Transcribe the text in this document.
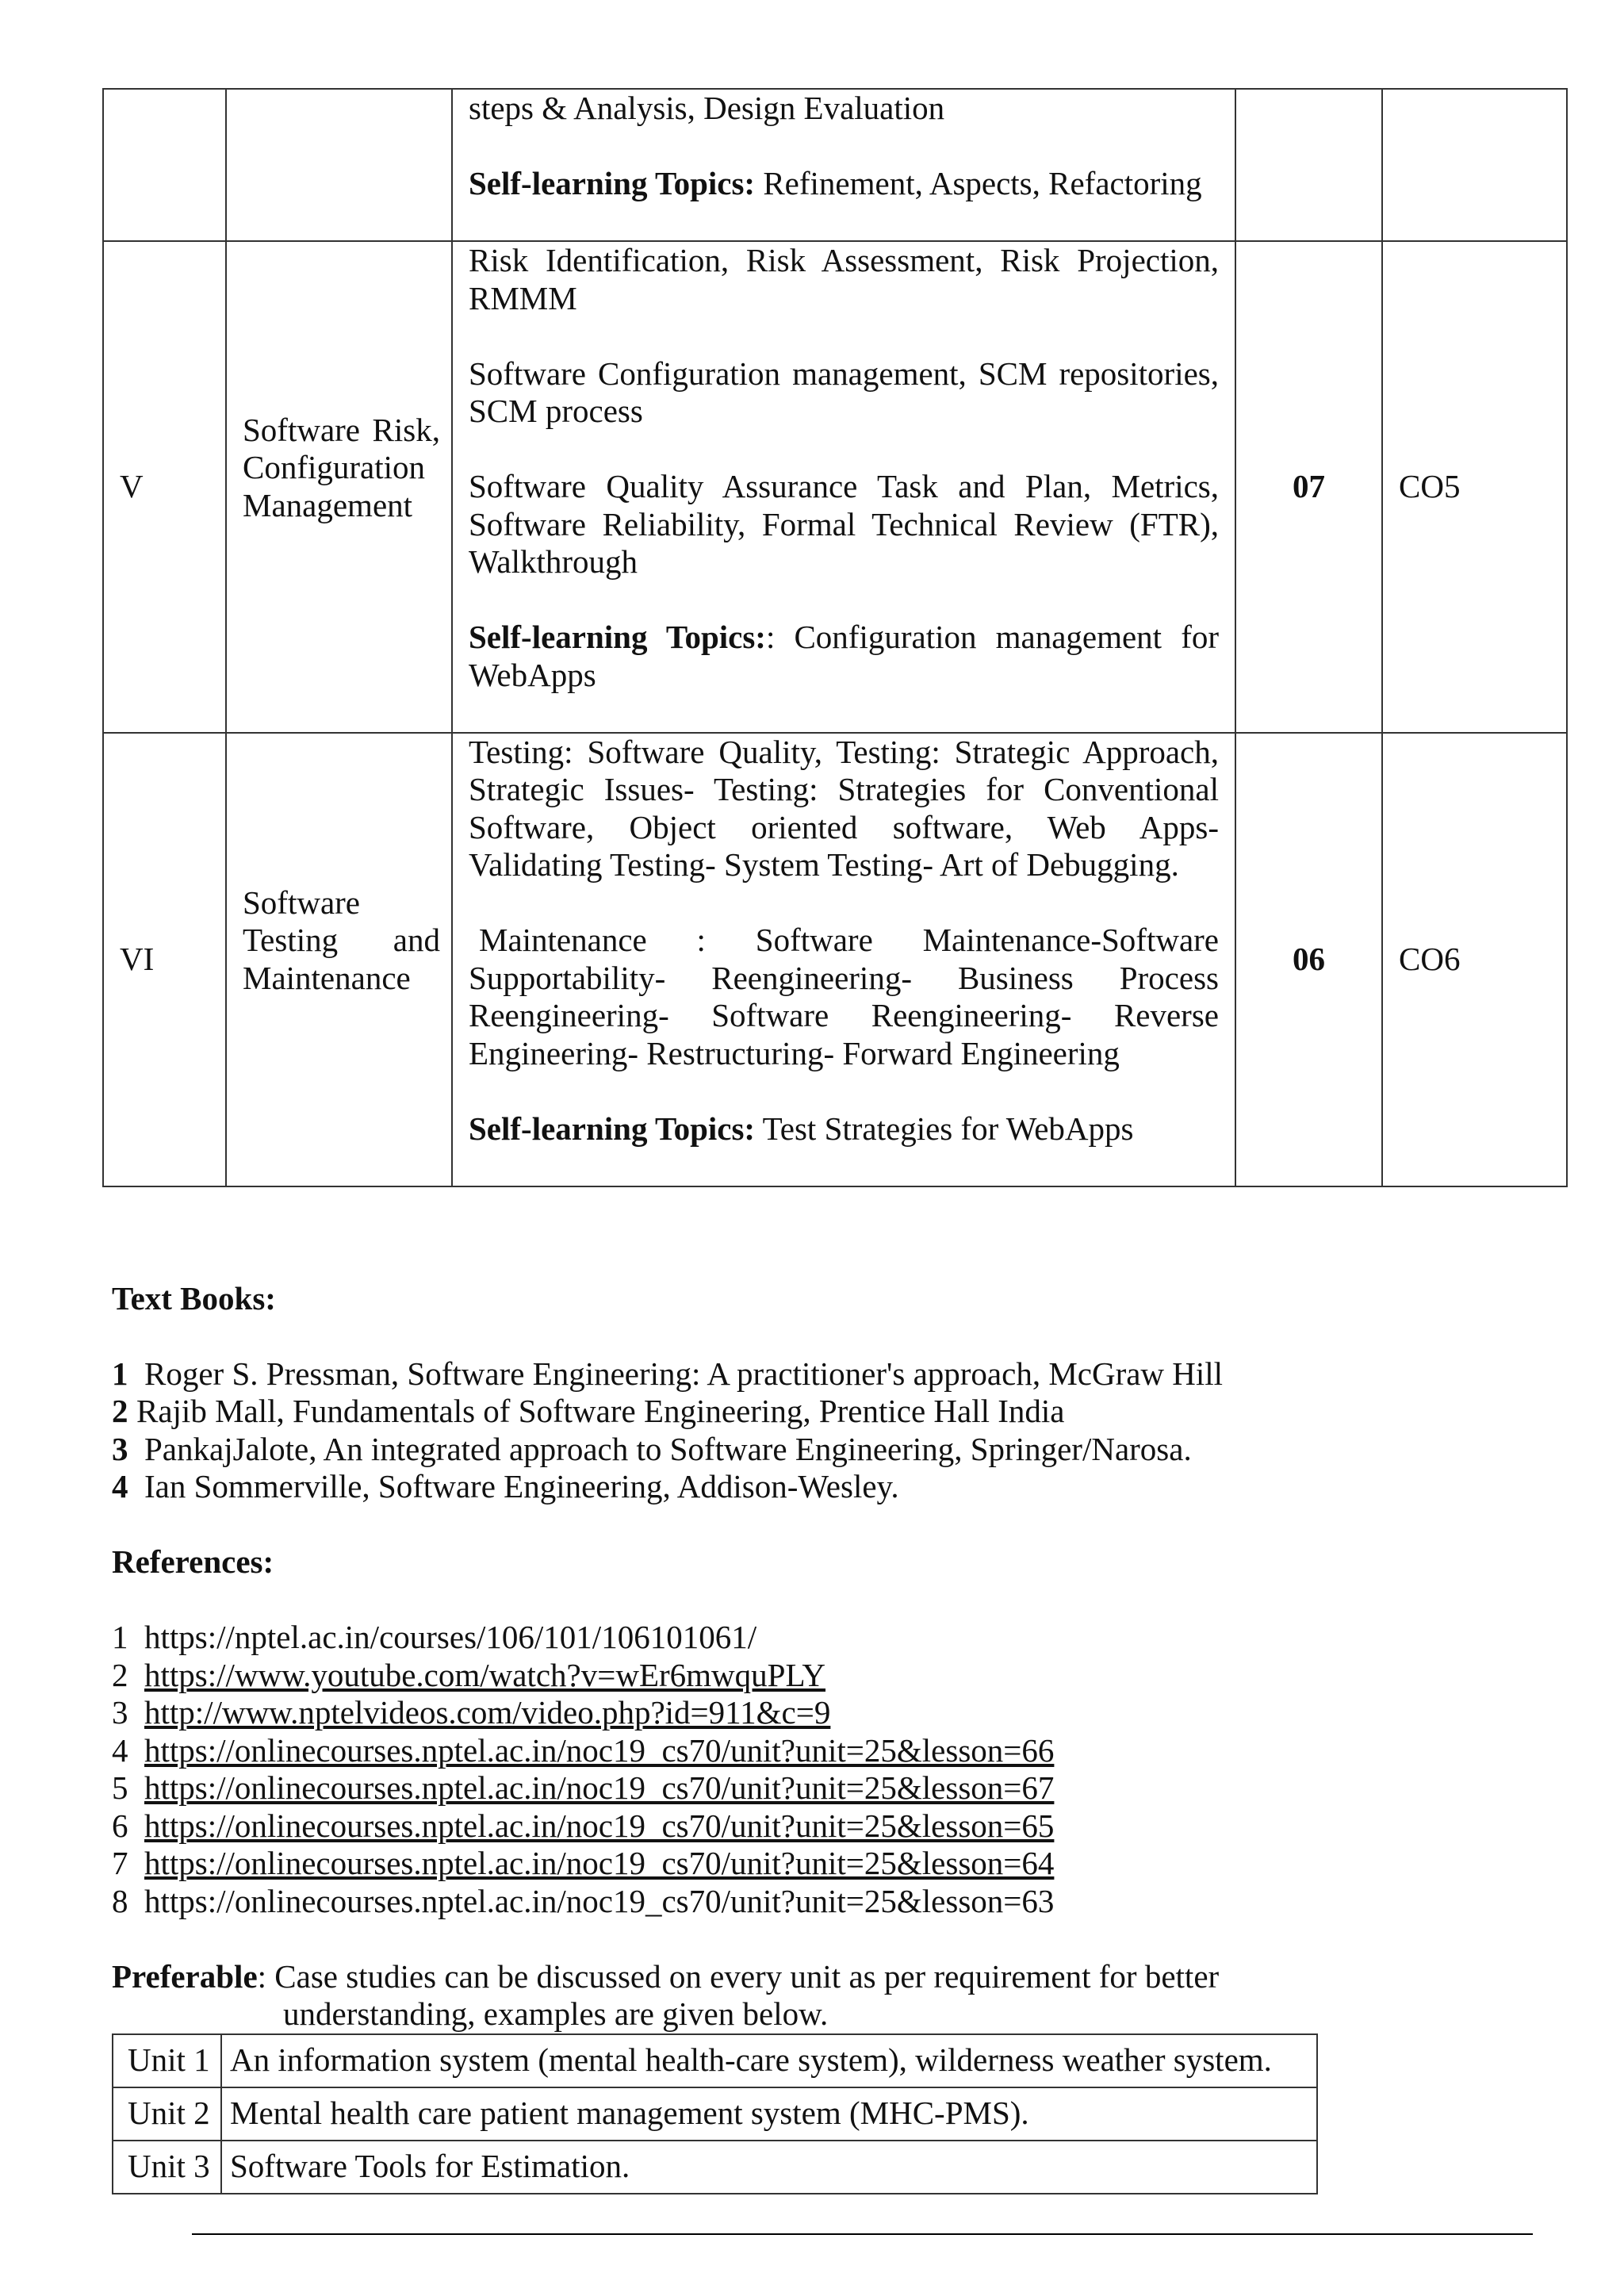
		steps & Analysis, Design Evaluation

Self-learning Topics: Refinement, Aspects, Refactoring		

V	Software Risk, Configuration Management	Risk Identification, Risk Assessment, Risk Projection, RMMM

Software Configuration management, SCM repositories, SCM process

Software Quality Assurance Task and Plan, Metrics, Software Reliability, Formal Technical Review (FTR), Walkthrough

Self-learning Topics:: Configuration management for WebApps	07	CO5
VI	Software Testing and Maintenance	Testing: Software Quality, Testing: Strategic Approach, Strategic Issues- Testing: Strategies for Conventional Software, Object oriented software, Web Apps- Validating Testing- System Testing- Art of Debugging.

Maintenance : Software Maintenance-Software Supportability- Reengineering- Business Process Reengineering- Software Reengineering- Reverse Engineering- Restructuring- Forward Engineering

Self-learning Topics: Test Strategies for WebApps	06	CO6
Text Books:
1 Roger S. Pressman, Software Engineering: A practitioner's approach, McGraw Hill
2 Rajib Mall, Fundamentals of Software Engineering, Prentice Hall India
3 PankajJalote, An integrated approach to Software Engineering, Springer/Narosa.
4 Ian Sommerville, Software Engineering, Addison-Wesley.
References:
1 https://nptel.ac.in/courses/106/101/106101061/
2 https://www.youtube.com/watch?v=wEr6mwquPLY
3 http://www.nptelvideos.com/video.php?id=911&c=9
4 https://onlinecourses.nptel.ac.in/noc19_cs70/unit?unit=25&lesson=66
5 https://onlinecourses.nptel.ac.in/noc19_cs70/unit?unit=25&lesson=67
6 https://onlinecourses.nptel.ac.in/noc19_cs70/unit?unit=25&lesson=65
7 https://onlinecourses.nptel.ac.in/noc19_cs70/unit?unit=25&lesson=64
8 https://onlinecourses.nptel.ac.in/noc19_cs70/unit?unit=25&lesson=63
Preferable: Case studies can be discussed on every unit as per requirement for better
understanding, examples are given below.
Unit 1	An information system (mental health-care system), wilderness weather system.
Unit 2	Mental health care patient management system (MHC-PMS).
Unit 3	Software Tools for Estimation.
